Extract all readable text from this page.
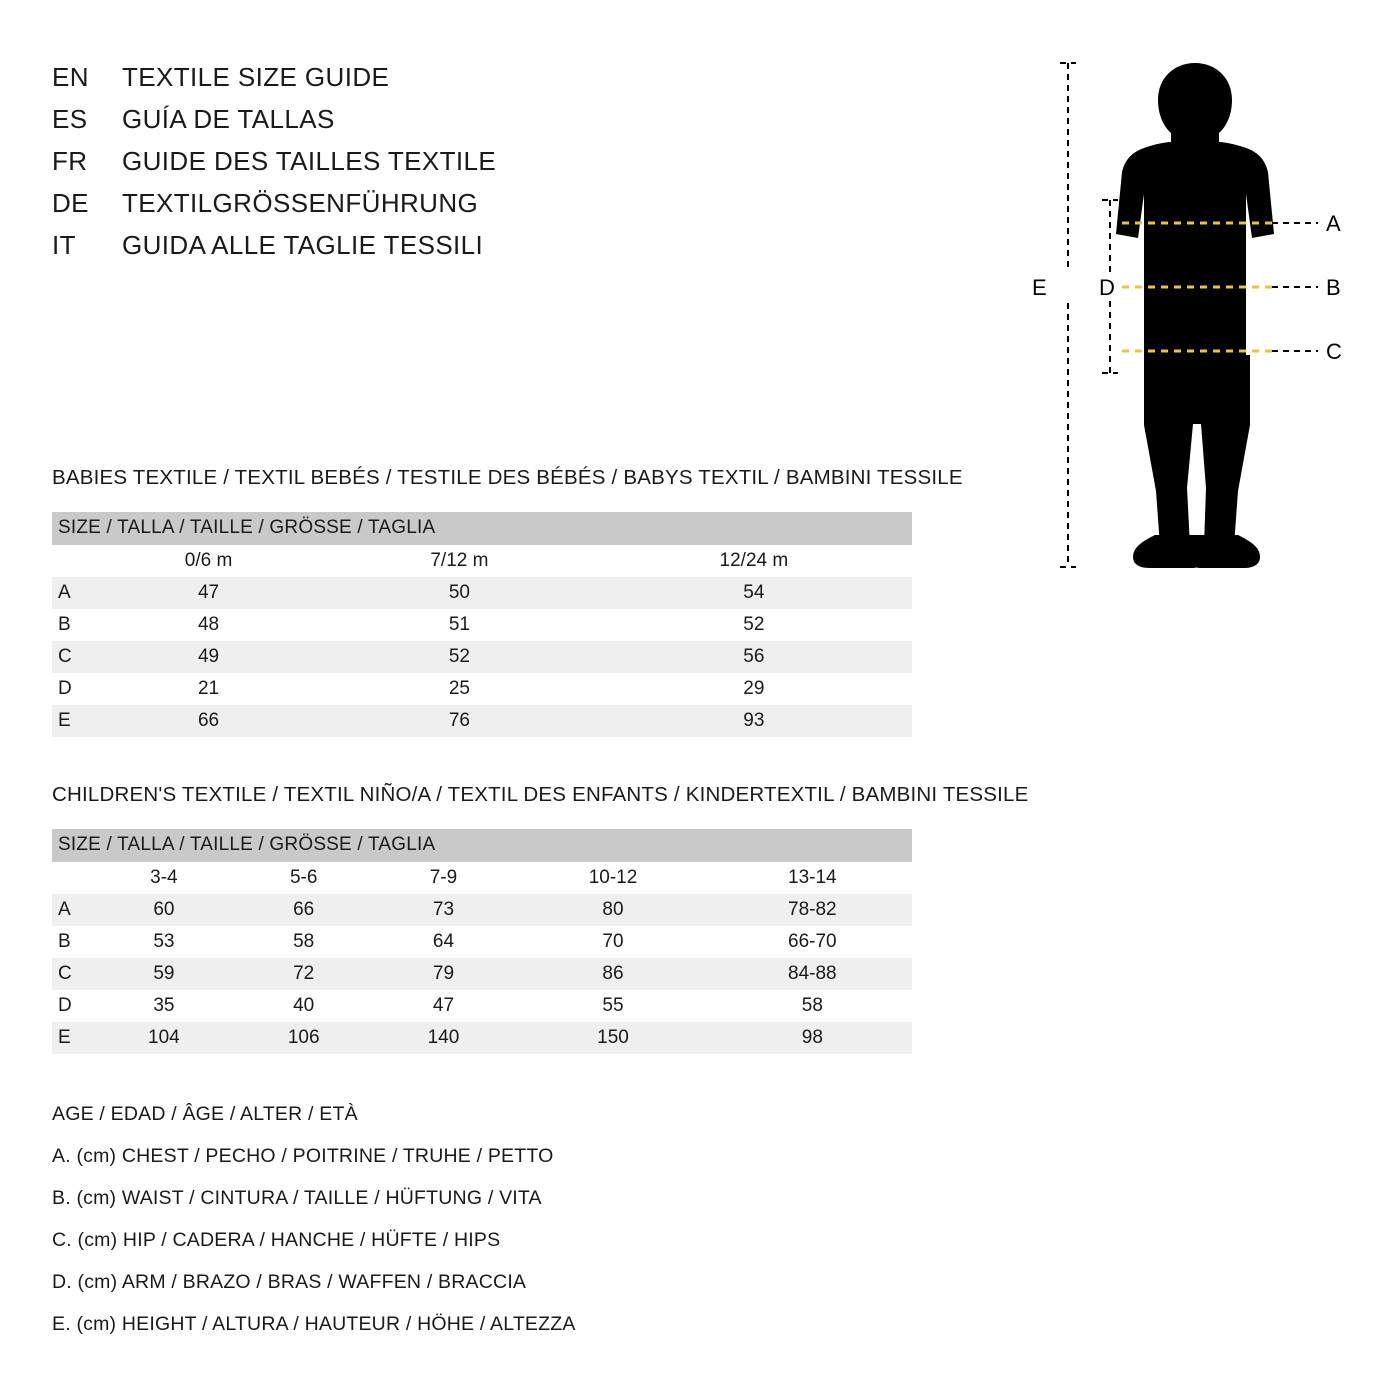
EN	TEXTILE SIZE GUIDE
ES	GUÍA DE TALLAS
FR	GUIDE DES TAILLES TEXTILE
DE	TEXTILGRÖSSENFÜHRUNG
IT	GUIDA ALLE TAGLIE TESSILI
A
B
C
D
E
BABIES TEXTILE / TEXTIL BEBÉS / TESTILE DES BÉBÉS / BABYS TEXTIL / BAMBINI TESSILE
SIZE / TALLA / TAILLE / GRÖSSE / TAGLIA
	0/6 m	7/12 m	12/24 m
A	47	50	54
B	48	51	52
C	49	52	56
D	21	25	29
E	66	76	93
CHILDREN'S TEXTILE / TEXTIL NIÑO/A / TEXTIL DES ENFANTS / KINDERTEXTIL / BAMBINI TESSILE
SIZE / TALLA / TAILLE / GRÖSSE / TAGLIA
	3-4	5-6	7-9	10-12	13-14
A	60	66	73	80	78-82
B	53	58	64	70	66-70
C	59	72	79	86	84-88
D	35	40	47	55	58
E	104	106	140	150	98
AGE / EDAD / ÂGE / ALTER / ETÀ
A. (cm) CHEST / PECHO / POITRINE / TRUHE / PETTO
B. (cm) WAIST / CINTURA / TAILLE / HÜFTUNG / VITA
C. (cm) HIP / CADERA / HANCHE / HÜFTE / HIPS
D. (cm) ARM / BRAZO / BRAS / WAFFEN / BRACCIA
E. (cm) HEIGHT / ALTURA / HAUTEUR / HÖHE / ALTEZZA
